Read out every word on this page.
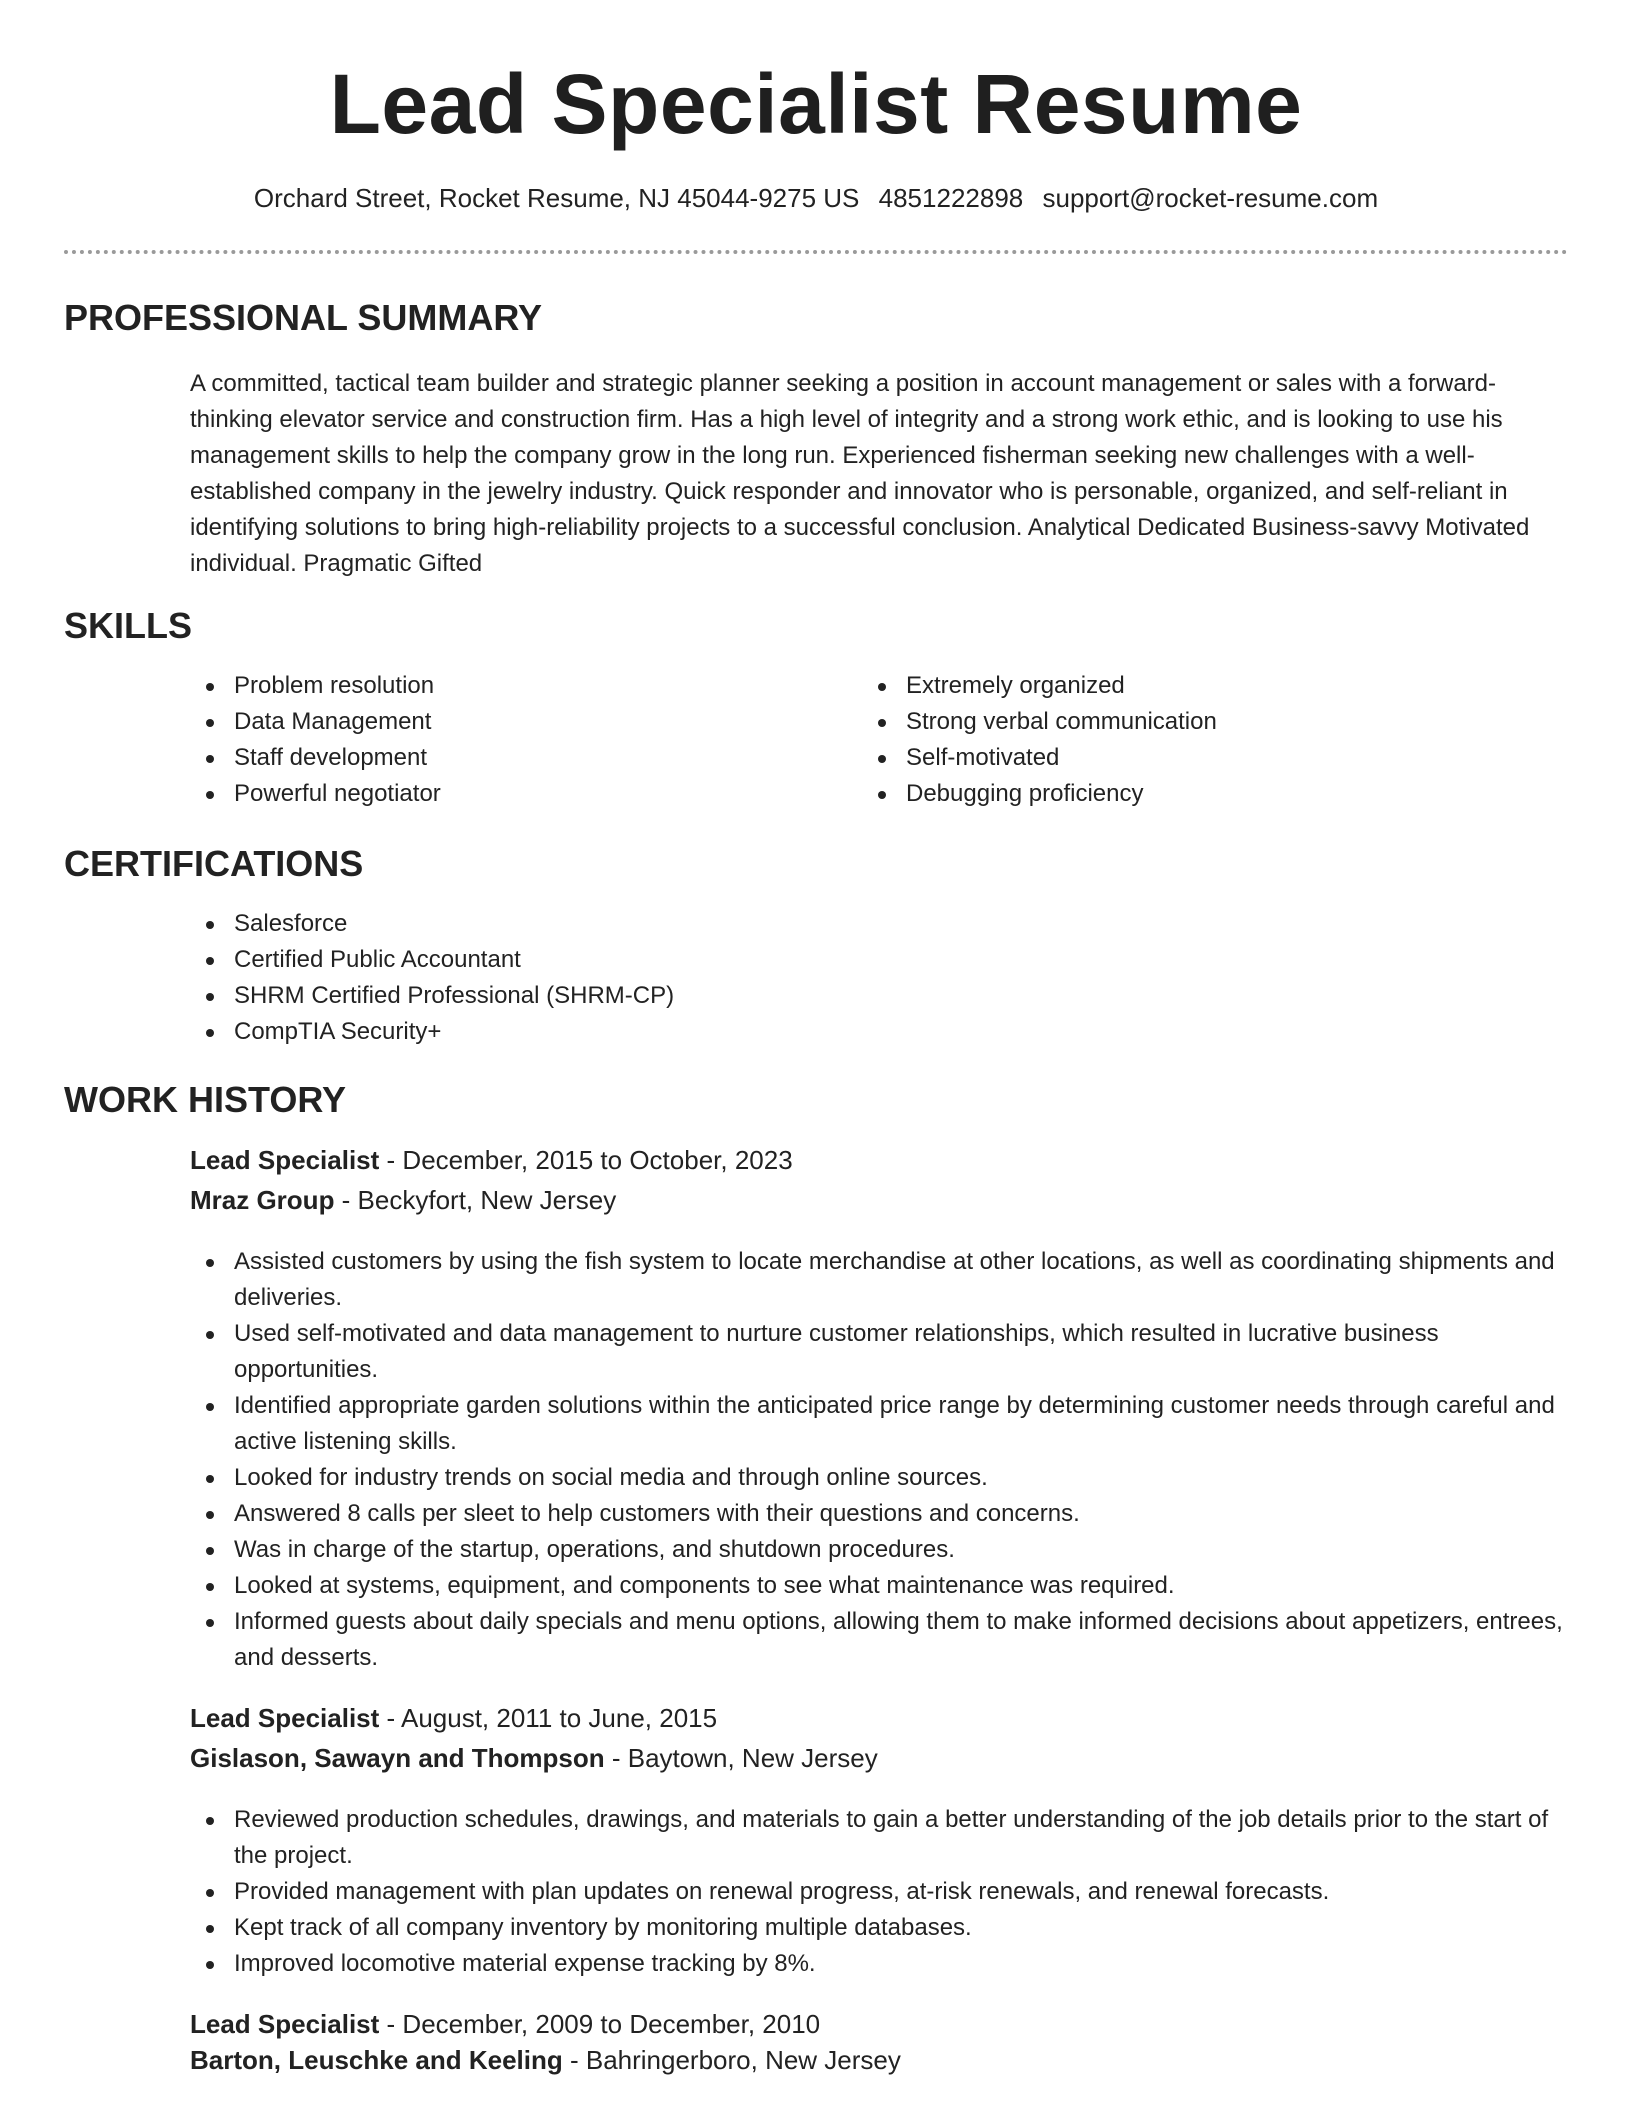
Lead Specialist Resume
Orchard Street, Rocket Resume, NJ 45044-9275 US 4851222898 support@rocket-resume.com
PROFESSIONAL SUMMARY

A committed, tactical team builder and strategic planner seeking a position in account management or sales with a forward-thinking elevator service and construction firm. Has a high level of integrity and a strong work ethic, and is looking to use his management skills to help the company grow in the long run. Experienced fisherman seeking new challenges with a well-established company in the jewelry industry. Quick responder and innovator who is personable, organized, and self-reliant in identifying solutions to bring high-reliability projects to a successful conclusion. Analytical Dedicated Business-savvy Motivated individual. Pragmatic Gifted

SKILLS
Problem resolution
Data Management
Staff development
Powerful negotiator
Extremely organized
Strong verbal communication
Self-motivated
Debugging proficiency
CERTIFICATIONS
Salesforce
Certified Public Accountant
SHRM Certified Professional (SHRM-CP)
CompTIA Security+
WORK HISTORY
Lead Specialist - December, 2015 to October, 2023
Mraz Group - Beckyfort, New Jersey
Assisted customers by using the fish system to locate merchandise at other locations, as well as coordinating shipments and deliveries.
Used self-motivated and data management to nurture customer relationships, which resulted in lucrative business opportunities.
Identified appropriate garden solutions within the anticipated price range by determining customer needs through careful and active listening skills.
Looked for industry trends on social media and through online sources.
Answered 8 calls per sleet to help customers with their questions and concerns.
Was in charge of the startup, operations, and shutdown procedures.
Looked at systems, equipment, and components to see what maintenance was required.
Informed guests about daily specials and menu options, allowing them to make informed decisions about appetizers, entrees, and desserts.
Lead Specialist - August, 2011 to June, 2015
Gislason, Sawayn and Thompson - Baytown, New Jersey
Reviewed production schedules, drawings, and materials to gain a better understanding of the job details prior to the start of the project.
Provided management with plan updates on renewal progress, at-risk renewals, and renewal forecasts.
Kept track of all company inventory by monitoring multiple databases.
Improved locomotive material expense tracking by 8%.
Lead Specialist - December, 2009 to December, 2010
Barton, Leuschke and Keeling - Bahringerboro, New Jersey
